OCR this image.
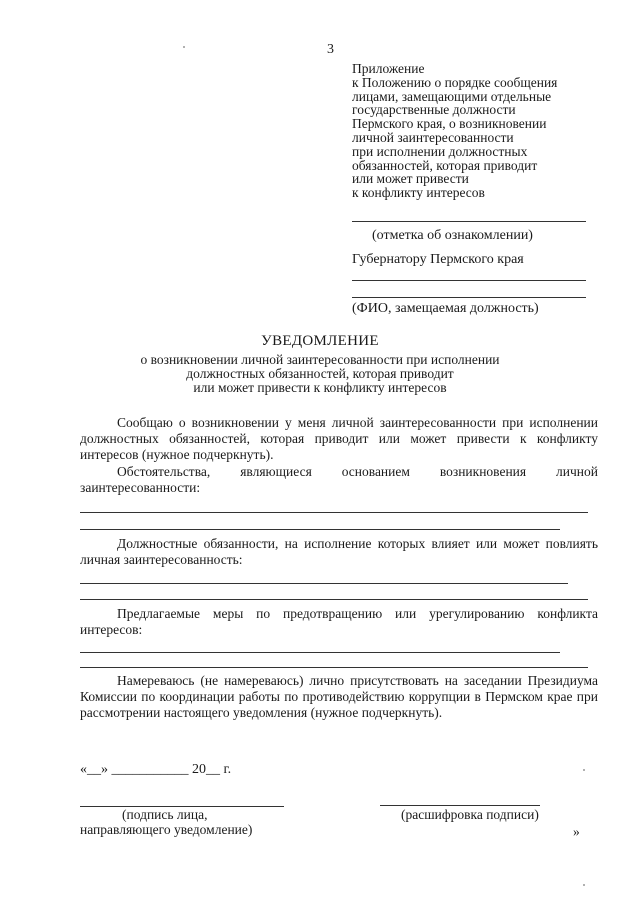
3
Приложение
к Положению о порядке сообщения
лицами, замещающими отдельные
государственные должности
Пермского края, о возникновении
личной заинтересованности
при исполнении должностных
обязанностей, которая приводит
или может привести
к конфликту интересов
(отметка об ознакомлении)
Губернатору Пермского края
(ФИО, замещаемая должность)
УВЕДОМЛЕНИЕ
о возникновении личной заинтересованности при исполнении
должностных обязанностей, которая приводит
или может привести к конфликту интересов
Сообщаю о возникновении у меня личной заинтересованности при исполнении должностных обязанностей, которая приводит или может привести к конфликту интересов (нужное подчеркнуть).
Обстоятельства, являющиеся основанием возникновения личной заинтересованности:
Должностные обязанности, на исполнение которых влияет или может повлиять личная заинтересованность:
Предлагаемые меры по предотвращению или урегулированию конфликта интересов:
Намереваюсь (не намереваюсь) лично присутствовать на заседании Президиума Комиссии по координации работы по противодействию коррупции в Пермском крае при рассмотрении настоящего уведомления (нужное подчеркнуть).
«__» ___________ 20__ г.
(подпись лица,
направляющего уведомление)
(расшифровка подписи)
»
